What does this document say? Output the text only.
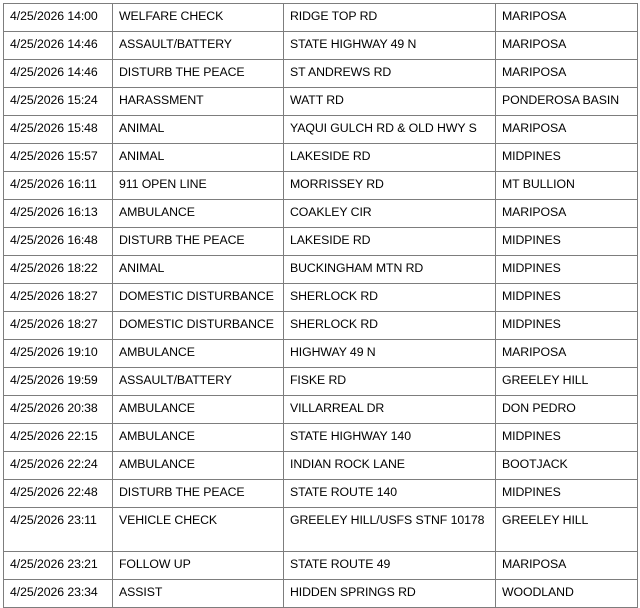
4/25/2026 14:00	WELFARE CHECK	RIDGE TOP RD	MARIPOSA
4/25/2026 14:46	ASSAULT/BATTERY	STATE HIGHWAY 49 N	MARIPOSA
4/25/2026 14:46	DISTURB THE PEACE	ST ANDREWS RD	MARIPOSA
4/25/2026 15:24	HARASSMENT	WATT RD	PONDEROSA BASIN
4/25/2026 15:48	ANIMAL	YAQUI GULCH RD & OLD HWY S	MARIPOSA
4/25/2026 15:57	ANIMAL	LAKESIDE RD	MIDPINES
4/25/2026 16:11	911 OPEN LINE	MORRISSEY RD	MT BULLION
4/25/2026 16:13	AMBULANCE	COAKLEY CIR	MARIPOSA
4/25/2026 16:48	DISTURB THE PEACE	LAKESIDE RD	MIDPINES
4/25/2026 18:22	ANIMAL	BUCKINGHAM MTN RD	MIDPINES
4/25/2026 18:27	DOMESTIC DISTURBANCE	SHERLOCK RD	MIDPINES
4/25/2026 18:27	DOMESTIC DISTURBANCE	SHERLOCK RD	MIDPINES
4/25/2026 19:10	AMBULANCE	HIGHWAY 49 N	MARIPOSA
4/25/2026 19:59	ASSAULT/BATTERY	FISKE RD	GREELEY HILL
4/25/2026 20:38	AMBULANCE	VILLARREAL DR	DON PEDRO
4/25/2026 22:15	AMBULANCE	STATE HIGHWAY 140	MIDPINES
4/25/2026 22:24	AMBULANCE	INDIAN ROCK LANE	BOOTJACK
4/25/2026 22:48	DISTURB THE PEACE	STATE ROUTE 140	MIDPINES
4/25/2026 23:11	VEHICLE CHECK	GREELEY HILL/USFS STNF 10178	GREELEY HILL
4/25/2026 23:21	FOLLOW UP	STATE ROUTE 49	MARIPOSA
4/25/2026 23:34	ASSIST	HIDDEN SPRINGS RD	WOODLAND
